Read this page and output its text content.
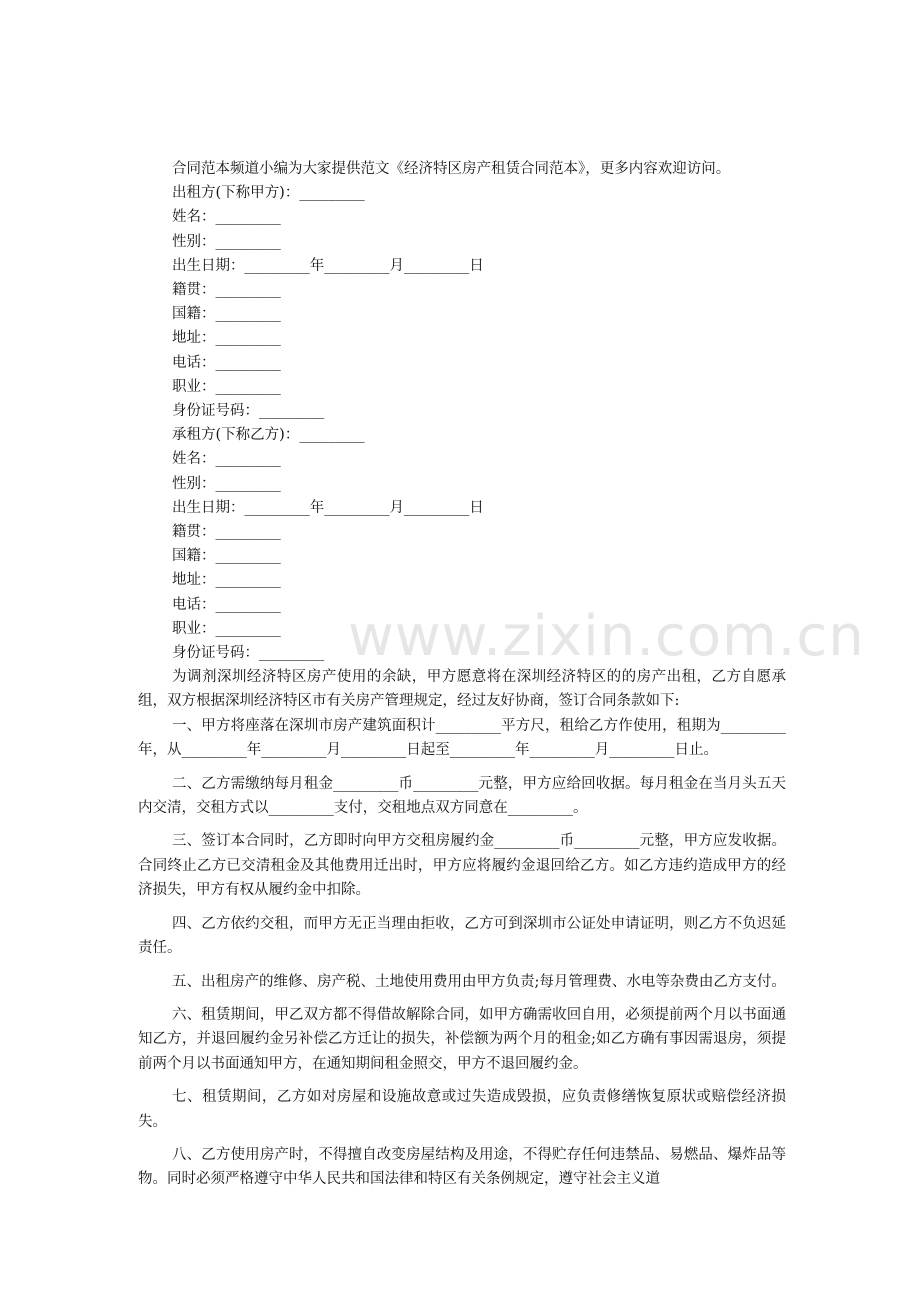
www.zixin.com.cn

合同范本频道小编为大家提供范文《经济特区房产租赁合同范本》，更多内容欢迎访问。

出租方(下称甲方)：_________

姓名：_________

性别：_________

出生日期：_________年_________月_________日

籍贯：_________

国籍：_________

地址：_________

电话：_________

职业：_________

身份证号码：_________

承租方(下称乙方)：_________

姓名：_________

性别：_________

出生日期：_________年_________月_________日

籍贯：_________

国籍：_________

地址：_________

电话：_________

职业：_________

身份证号码：_________

为调剂深圳经济特区房产使用的余缺，甲方愿意将在深圳经济特区的的房产出租，乙方自愿承组，双方根据深圳经济特区市有关房产管理规定，经过友好协商，签订合同条款如下:

一、甲方将座落在深圳市房产建筑面积计_________平方尺，租给乙方作使用，租期为_________年，从_________年_________月_________日起至_________年_________月_________日止。

二、乙方需缴纳每月租金_________币_________元整，甲方应给回收据。每月租金在当月头五天内交清，交租方式以_________支付，交租地点双方同意在_________。

三、签订本合同时，乙方即时向甲方交租房履约金_________币_________元整，甲方应发收据。合同终止乙方已交清租金及其他费用迁出时，甲方应将履约金退回给乙方。如乙方违约造成甲方的经济损失，甲方有权从履约金中扣除。

四、乙方依约交租，而甲方无正当理由拒收，乙方可到深圳市公证处申请证明，则乙方不负迟延责任。

五、出租房产的维修、房产税、土地使用费用由甲方负责;每月管理费、水电等杂费由乙方支付。

六、租赁期间，甲乙双方都不得借故解除合同，如甲方确需收回自用，必须提前两个月以书面通知乙方，并退回履约金另补偿乙方迁让的损失，补偿额为两个月的租金;如乙方确有事因需退房，须提前两个月以书面通知甲方，在通知期间租金照交，甲方不退回履约金。

七、租赁期间，乙方如对房屋和设施故意或过失造成毁损，应负责修缮恢复原状或赔偿经济损失。

八、乙方使用房产时，不得擅自改变房屋结构及用途，不得贮存任何违禁品、易燃品、爆炸品等物。同时必须严格遵守中华人民共和国法律和特区有关条例规定，遵守社会主义道
